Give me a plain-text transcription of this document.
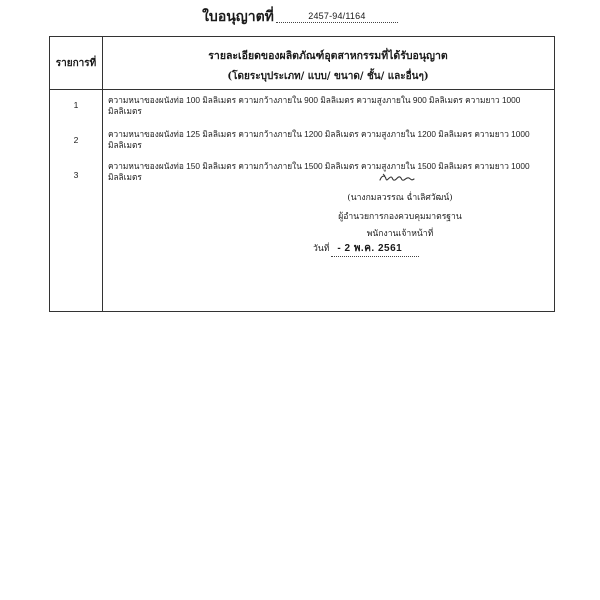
ใบอนุญาตที่	2457-94/1164
รายการที่
รายละเอียดของผลิตภัณฑ์อุตสาหกรรมที่ได้รับอนุญาต
(โดยระบุประเภท/ แบบ/ ขนาด/ ชั้น/ และอื่นๆ)
1	ความหนาของผนังท่อ 100 มิลลิเมตร ความกว้างภายใน 900 มิลลิเมตร ความสูงภายใน 900 มิลลิเมตร ความยาว 1000 มิลลิเมตร
2
ความหนาของผนังท่อ 125 มิลลิเมตร ความกว้างภายใน 1200 มิลลิเมตร ความสูงภายใน 1200 มิลลิเมตร ความยาว 1000 มิลลิเมตร
3
ความหนาของผนังท่อ 150 มิลลิเมตร ความกว้างภายใน 1500 มิลลิเมตร ความสูงภายใน 1500 มิลลิเมตร ความยาว 1000 มิลลิเมตร
(นางกมลวรรณ ฉ่ำเลิศวัฒน์)
ผู้อำนวยการกองควบคุมมาตรฐาน
พนักงานเจ้าหน้าที่
วันที่ - 2 พ.ค. 2561
